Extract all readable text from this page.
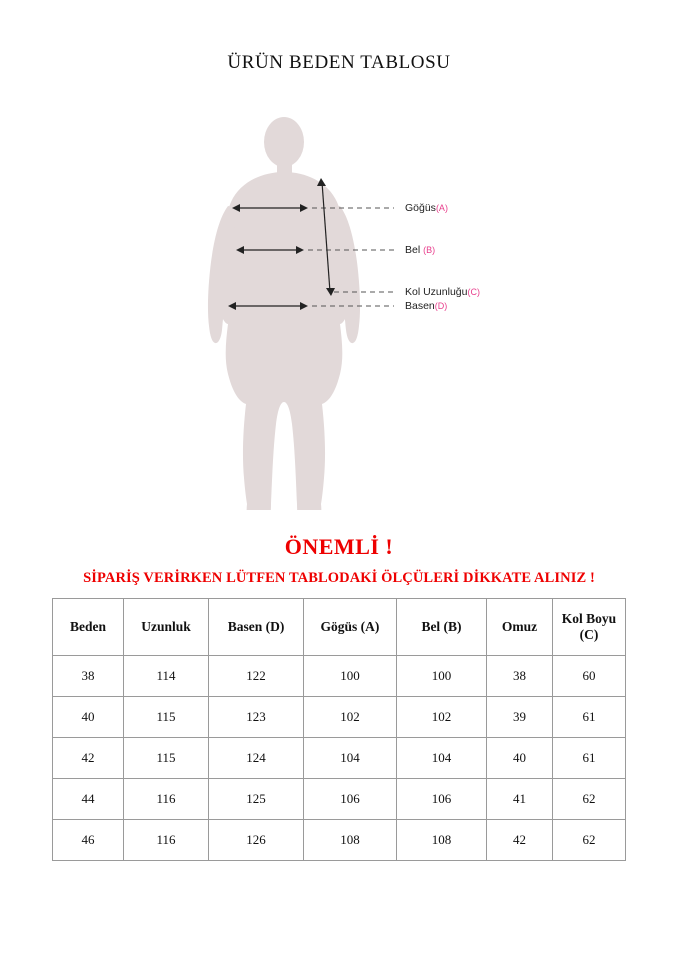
ÜRÜN BEDEN TABLOSU
Göğüs(A)
Bel (B)
Kol Uzunluğu(C)
Basen(D)
ÖNEMLİ !
SİPARİŞ VERİRKEN LÜTFEN TABLODAKİ ÖLÇÜLERİ DİKKATE ALINIZ !
Beden	Uzunluk	Basen (D)	Gögüs (A)	Bel (B)	Omuz	Kol Boyu (C)
38	114	122	100	100	38	60
40	115	123	102	102	39	61
42	115	124	104	104	40	61
44	116	125	106	106	41	62
46	116	126	108	108	42	62
